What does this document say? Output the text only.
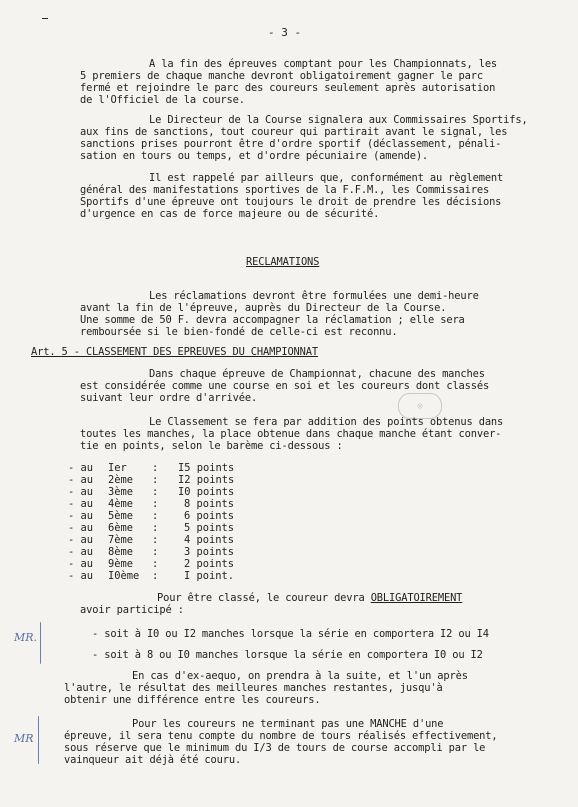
- 3 -
A la fin des épreuves comptant pour les Championnats, les
5 premiers de chaque manche devront obligatoirement gagner le parc
fermé et rejoindre le parc des coureurs seulement après autorisation
de l'Officiel de la course.
Le Directeur de la Course signalera aux Commissaires Sportifs,
aux fins de sanctions, tout coureur qui partirait avant le signal, les
sanctions prises pourront être d'ordre sportif (déclassement, pénali-
sation en tours ou temps, et d'ordre pécuniaire (amende).
Il est rappelé par ailleurs que, conformément au règlement
général des manifestations sportives de la F.F.M., les Commissaires
Sportifs d'une épreuve ont toujours le droit de prendre les décisions
d'urgence en cas de force majeure ou de sécurité.
RECLAMATIONS
Les réclamations devront être formulées une demi-heure
avant la fin de l'épreuve, auprès du Directeur de la Course.
Une somme de 50 F. devra accompagner la réclamation ; elle sera
remboursée si le bien-fondé de celle-ci est reconnu.
Art. 5 - CLASSEMENT DES EPREUVES DU CHAMPIONNAT
Dans chaque épreuve de Championnat, chacune des manches
est considérée comme une course en soi et les coureurs dont classés
suivant leur ordre d'arrivée.
◎
Le Classement se fera par addition des points obtenus dans
toutes les manches, la place obtenue dans chaque manche étant conver-
tie en points, selon le barème ci-dessous :
- au Ier : I5 points
- au 2ème : I2 points
- au 3ème : I0 points
- au 4ème : 8 points
- au 5ème : 6 points
- au 6ème : 5 points
- au 7ème : 4 points
- au 8ème : 3 points
- au 9ème : 2 points
- au I0ème : I point.
Pour être classé, le coureur devra OBLIGATOIREMENT
avoir participé :
MR.	- soit à I0 ou I2 manches lorsque la série en comportera I2 ou I4
- soit à 8 ou I0 manches lorsque la série en comportera I0 ou I2
En cas d'ex-aequo, on prendra à la suite, et l'un après
l'autre, le résultat des meilleures manches restantes, jusqu'à
obtenir une différence entre les coureurs.
MR
Pour les coureurs ne terminant pas une MANCHE d'une
épreuve, il sera tenu compte du nombre de tours réalisés effectivement,
sous réserve que le minimum du I/3 de tours de course accompli par le
vainqueur ait déjà été couru.
